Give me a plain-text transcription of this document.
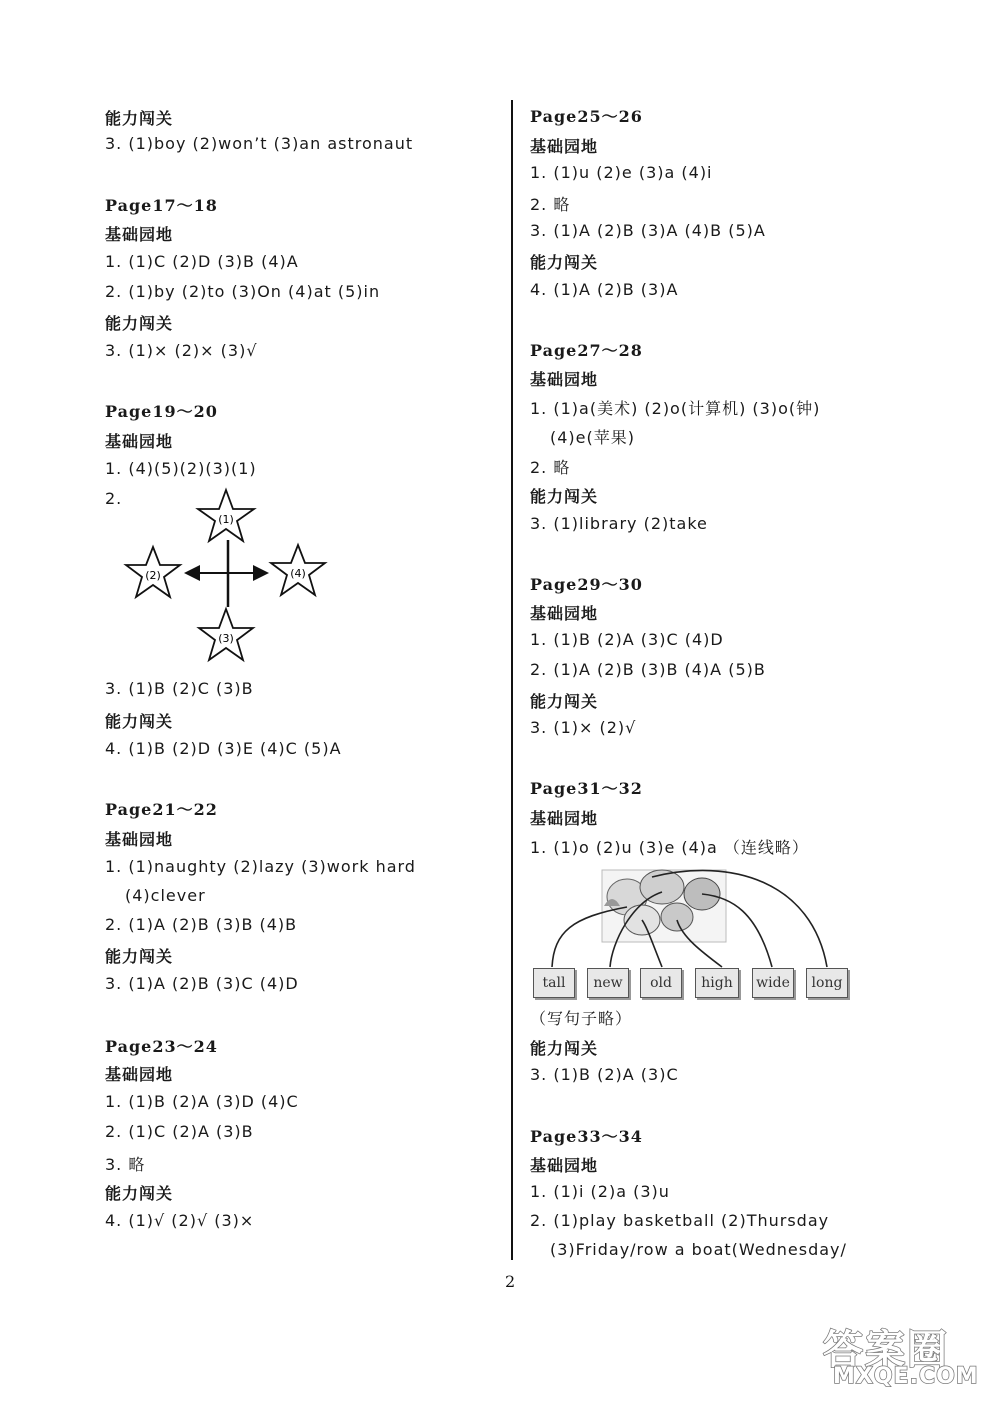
能力闯关
3. (1)boy (2)won’t (3)an astronaut
Page17～18
基础园地
1. (1)C (2)D (3)B (4)A
2. (1)by (2)to (3)On (4)at (5)in
能力闯关
3. (1)× (2)× (3)√
Page19～20
基础园地
1. (4)(5)(2)(3)(1)
2.
3. (1)B (2)C (3)B
能力闯关
4. (1)B (2)D (3)E (4)C (5)A
Page21～22
基础园地
1. (1)naughty (2)lazy (3)work hard
(4)clever
2. (1)A (2)B (3)B (4)B
能力闯关
3. (1)A (2)B (3)C (4)D
Page23～24
基础园地
1. (1)B (2)A (3)D (4)C
2. (1)C (2)A (3)B
3. 略
能力闯关
4. (1)√ (2)√ (3)×
(1)
(2)	(4)
(3)
Page25～26
基础园地
1. (1)u (2)e (3)a (4)i
2. 略
3. (1)A (2)B (3)A (4)B (5)A
能力闯关
4. (1)A (2)B (3)A
Page27～28
基础园地
1. (1)a(美术) (2)o(计算机) (3)o(钟)
(4)e(苹果)
2. 略
能力闯关
3. (1)library (2)take
Page29～30
基础园地
1. (1)B (2)A (3)C (4)D
2. (1)A (2)B (3)B (4)A (5)B
能力闯关
3. (1)× (2)√
Page31～32
基础园地
1. (1)o (2)u (3)e (4)a （连线略）
（写句子略）
能力闯关
3. (1)B (2)A (3)C
Page33～34
基础园地
1. (1)i (2)a (3)u
2. (1)play basketball (2)Thursday
(3)Friday/row a boat(Wednesday/
tall	new	old	high	wide	long
2
答案圈
MXQE.COM
